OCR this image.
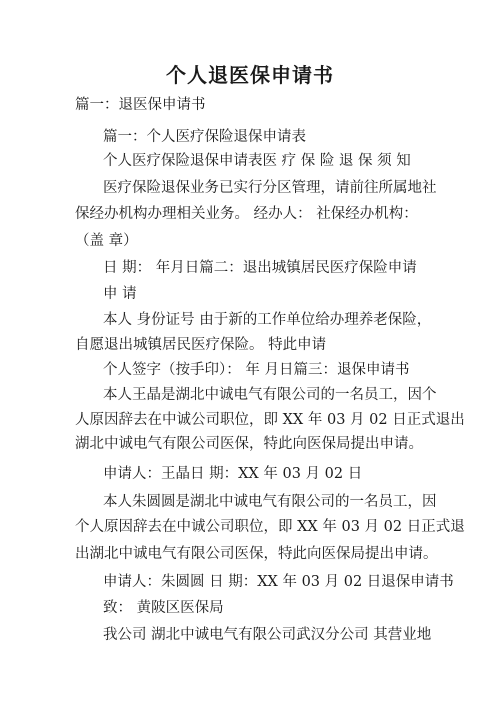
个人退医保申请书

篇一：退医保申请书

篇一：个人医疗保险退保申请表

个人医疗保险退保申请表医 疗 保 险 退 保 须 知

医疗保险退保业务已实行分区管理，请前往所属地社

保经办机构办理相关业务。 经办人： 社保经办机构：

（盖 章）

日 期： 年月日篇二：退出城镇居民医疗保险申请

申 请

本人 身份证号 由于新的工作单位给办理养老保险，

自愿退出城镇居民医疗保险。 特此申请

个人签字（按手印）： 年 月日篇三：退保申请书

本人王晶是湖北中诚电气有限公司的一名员工，因个

人原因辞去在中诚公司职位，即 XX 年 03 月 02 日正式退出

湖北中诚电气有限公司医保，特此向医保局提出申请。

申请人：王晶日 期：XX 年 03 月 02 日

本人朱圆圆是湖北中诚电气有限公司的一名员工，因

个人原因辞去在中诚公司职位，即 XX 年 03 月 02 日正式退

出湖北中诚电气有限公司医保，特此向医保局提出申请。

申请人：朱圆圆 日 期：XX 年 03 月 02 日退保申请书

致： 黄陂区医保局

我公司 湖北中诚电气有限公司武汉分公司 其营业地
